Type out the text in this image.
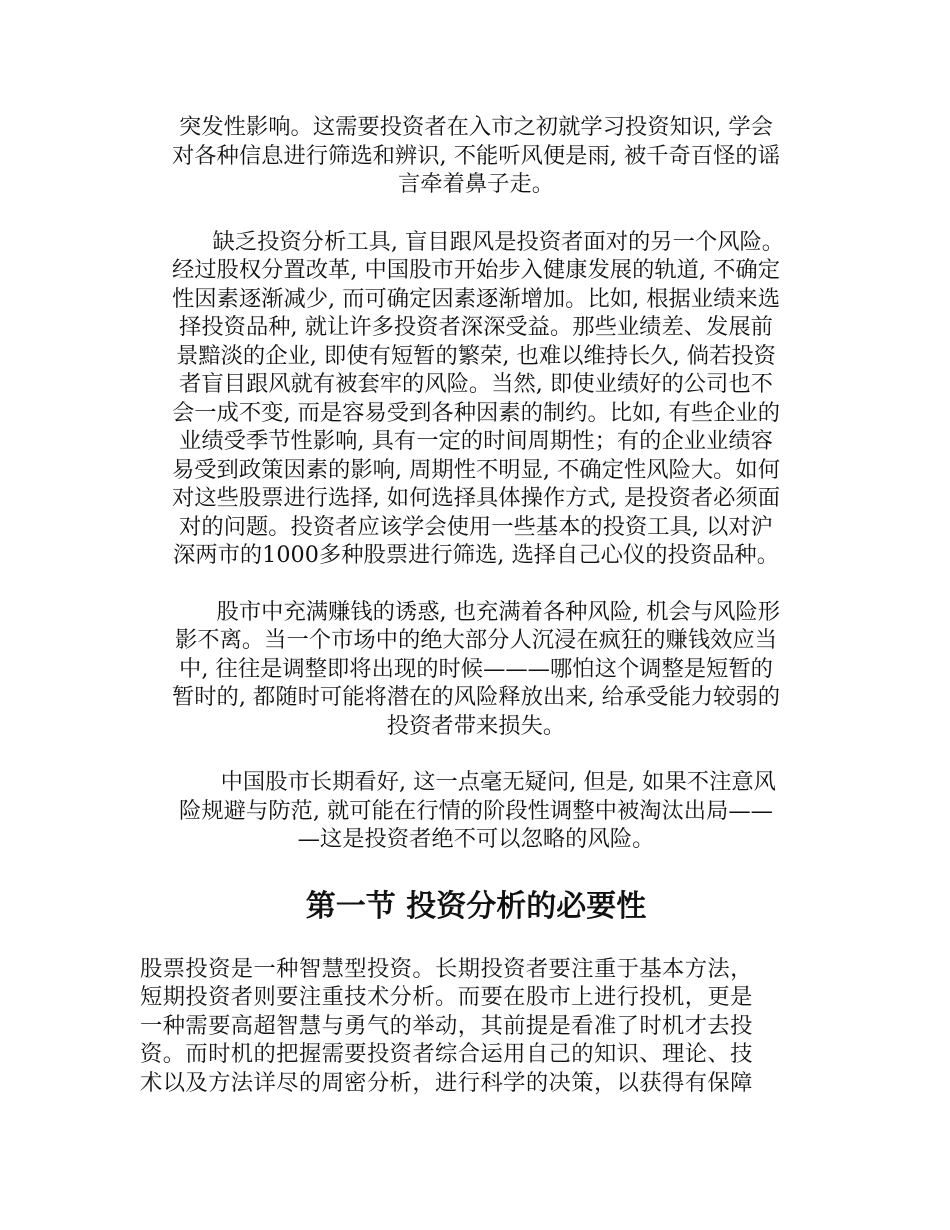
突发性影响。这需要投资者在入市之初就学习投资知识, 学会
对各种信息进行筛选和辨识, 不能听风便是雨, 被千奇百怪的谣
言牵着鼻子走。

　　缺乏投资分析工具, 盲目跟风是投资者面对的另一个风险。
经过股权分置改革, 中国股市开始步入健康发展的轨道, 不确定
性因素逐渐减少, 而可确定因素逐渐增加。比如, 根据业绩来选
择投资品种, 就让许多投资者深深受益。那些业绩差、发展前
景黯淡的企业, 即使有短暂的繁荣, 也难以维持长久, 倘若投资
者盲目跟风就有被套牢的风险。当然, 即使业绩好的公司也不
会一成不变, 而是容易受到各种因素的制约。比如, 有些企业的
业绩受季节性影响, 具有一定的时间周期性；有的企业业绩容
易受到政策因素的影响, 周期性不明显, 不确定性风险大。如何
对这些股票进行选择, 如何选择具体操作方式, 是投资者必须面
对的问题。投资者应该学会使用一些基本的投资工具, 以对沪
深两市的1000多种股票进行筛选, 选择自己心仪的投资品种。

　　股市中充满赚钱的诱惑, 也充满着各种风险, 机会与风险形
影不离。当一个市场中的绝大部分人沉浸在疯狂的赚钱效应当
中, 往往是调整即将出现的时候———哪怕这个调整是短暂的
暂时的, 都随时可能将潜在的风险释放出来, 给承受能力较弱的
投资者带来损失。

　　中国股市长期看好, 这一点毫无疑问, 但是, 如果不注意风
险规避与防范, 就可能在行情的阶段性调整中被淘汰出局——
—这是投资者绝不可以忽略的风险。

第一节 投资分析的必要性

股票投资是一种智慧型投资。长期投资者要注重于基本方法，
短期投资者则要注重技术分析。而要在股市上进行投机，更是
一种需要高超智慧与勇气的举动，其前提是看准了时机才去投
资。而时机的把握需要投资者综合运用自己的知识、理论、技
术以及方法详尽的周密分析，进行科学的决策，以获得有保障
